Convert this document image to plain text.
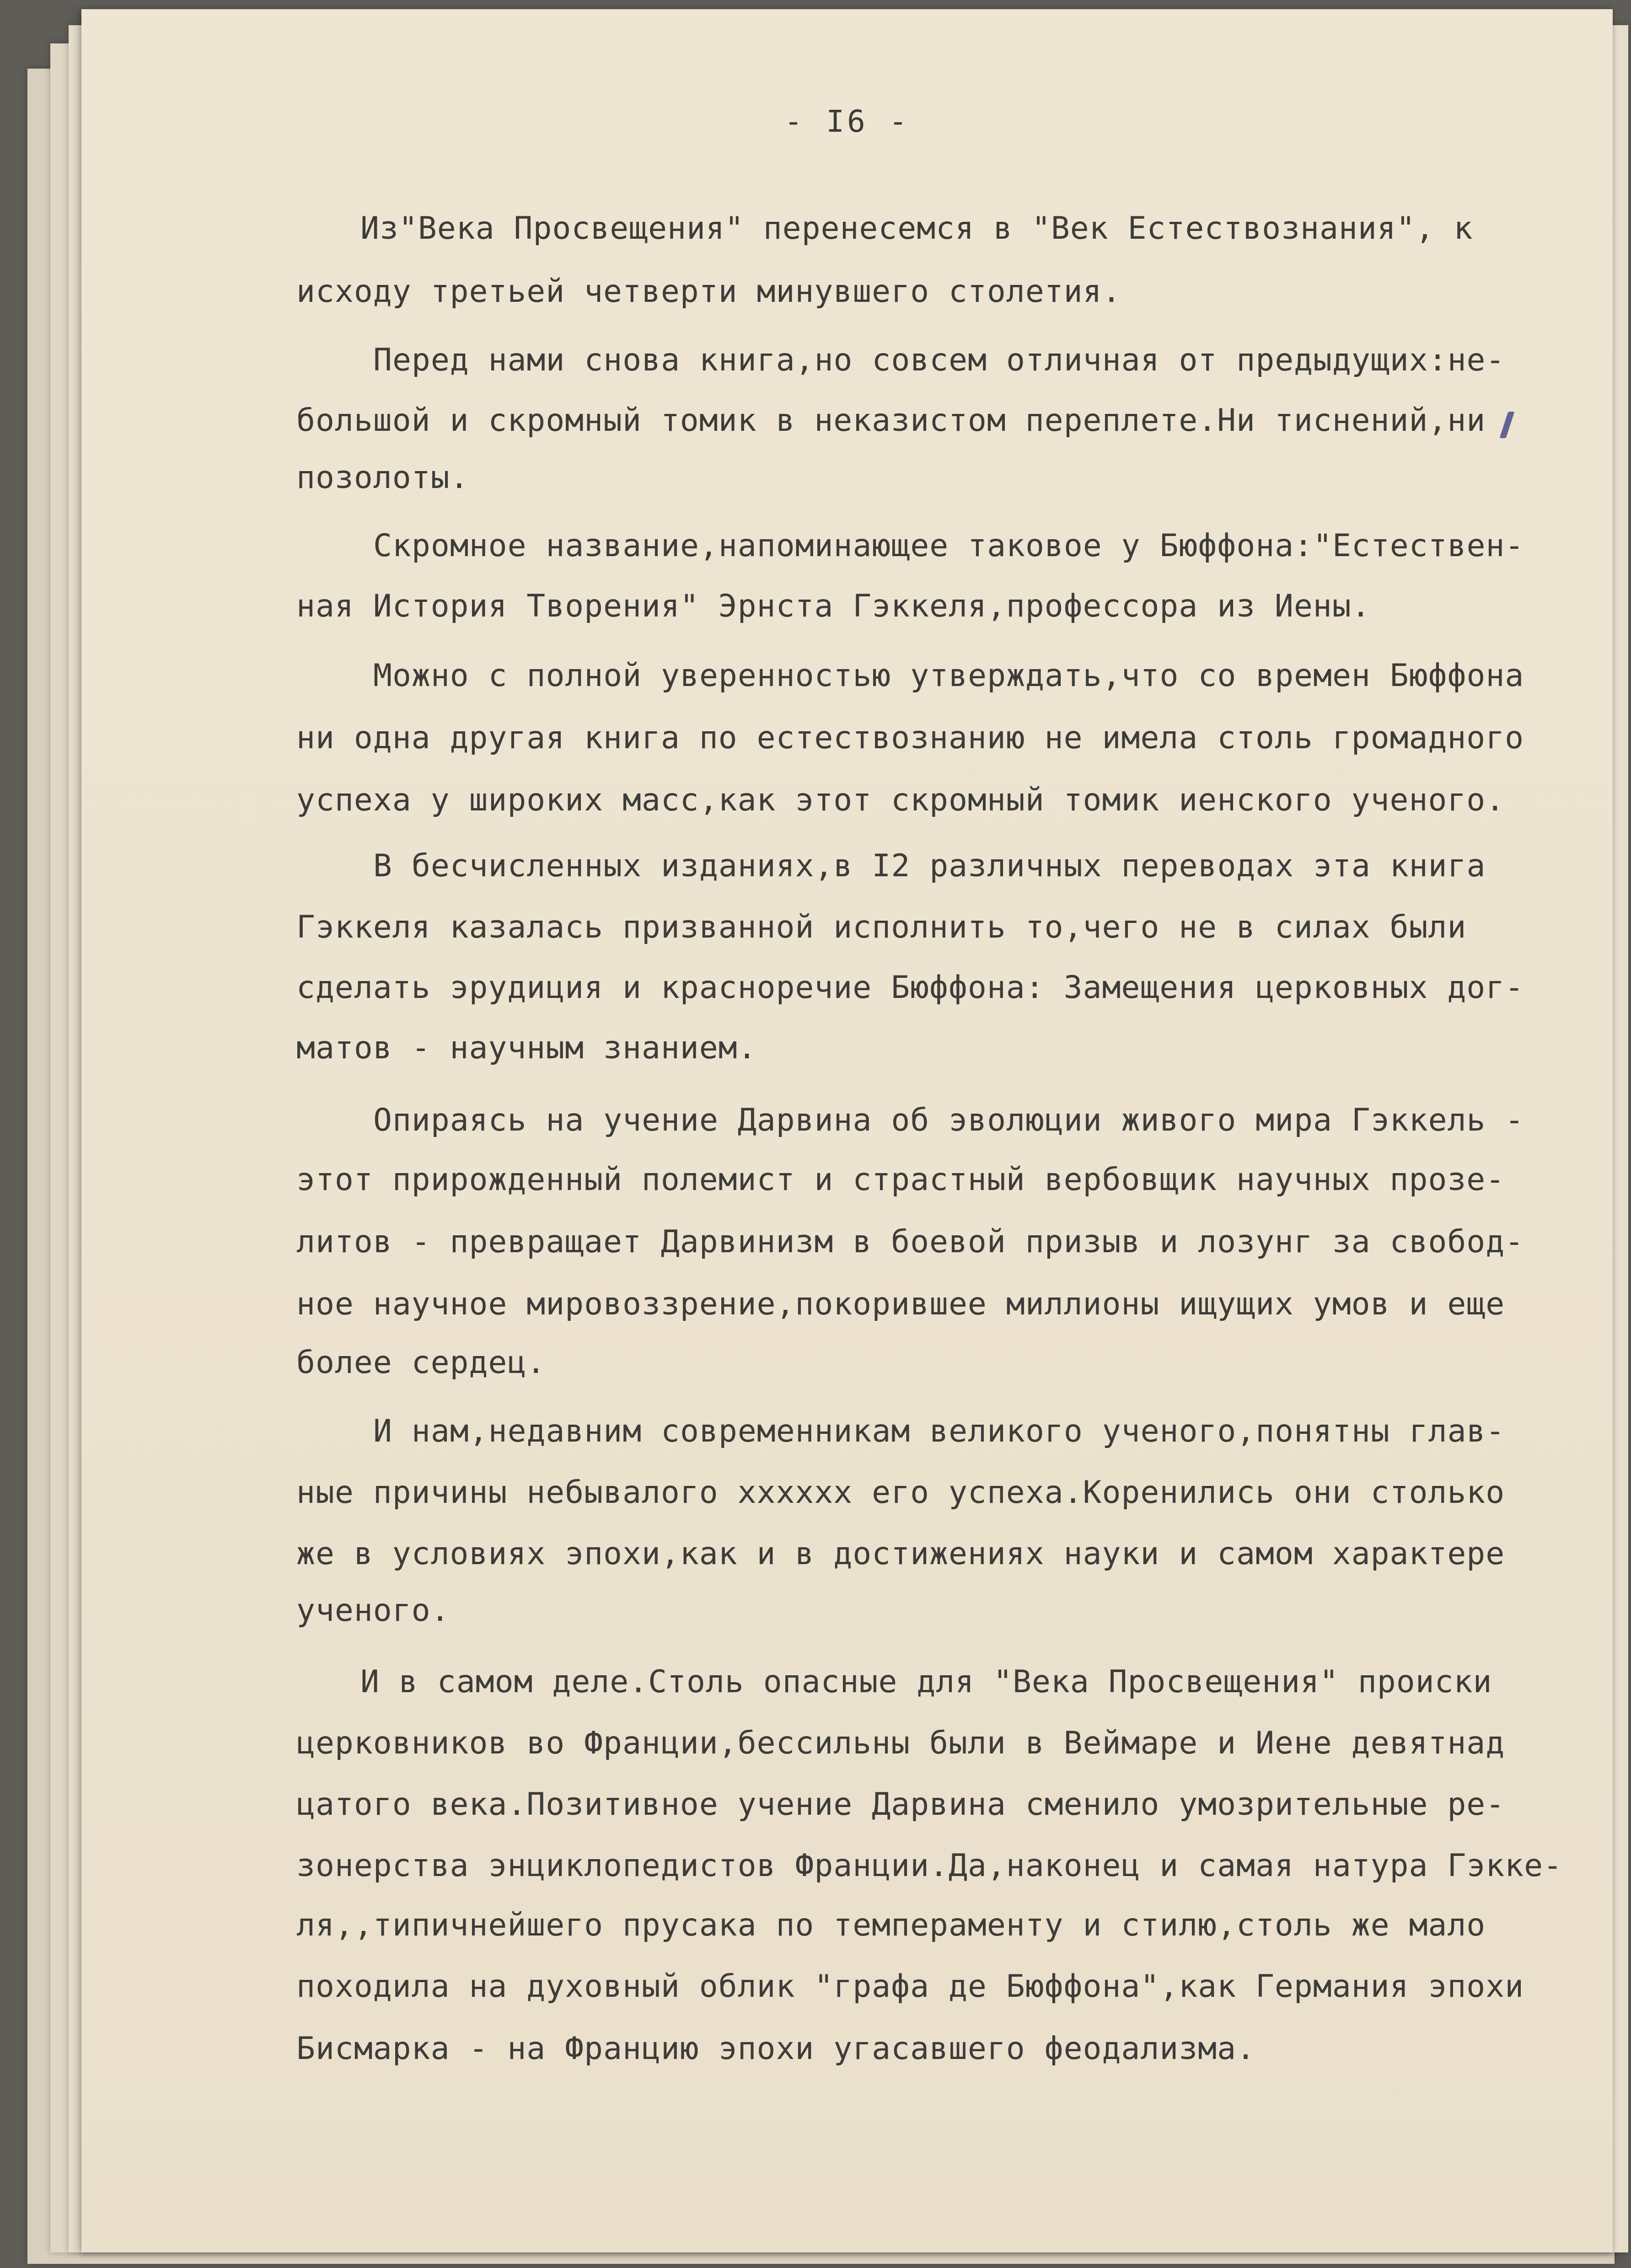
- I6 -
Из"Века Просвещения" перенесемся в "Век Естествознания", к
исходу третьей четверти минувшего столетия.
Перед нами снова книга,но совсем отличная от предыдущих:не-
большой и скромный томик в неказистом переплете.Ни тиснений,ни
позолоты.
Скромное название,напоминающее таковое у Бюффона:"Естествен-
ная История Творения" Эрнста Гэккеля,профессора из Иены.
Можно с полной уверенностью утверждать,что со времен Бюффона
ни одна другая книга по естествознанию не имела столь громадного
успеха у широких масс,как этот скромный томик иенского ученого.
В бесчисленных изданиях,в I2 различных переводах эта книга
Гэккеля казалась призванной исполнить то,чего не в силах были
сделать эрудиция и красноречие Бюффона: Замещения церковных дог-
матов - научным знанием.
Опираясь на учение Дарвина об эволюции живого мира Гэккель -
этот прирожденный полемист и страстный вербовщик научных прозе-
литов - превращает Дарвинизм в боевой призыв и лозунг за свобод-
ное научное мировоззрение,покорившее миллионы ищущих умов и еще
более сердец.
И нам,недавним современникам великого ученого,понятны глав-
ные причины небывалого xxxxxx его успеха.Коренились они столько
же в условиях эпохи,как и в достижениях науки и самом характере
ученого.
И в самом деле.Столь опасные для "Века Просвещения" происки
церковников во Франции,бессильны были в Веймаре и Иене девятнад
цатого века.Позитивное учение Дарвина сменило умозрительные ре-
зонерства энциклопедистов Франции.Да,наконец и самая натура Гэкке-
ля,,типичнейшего прусака по темпераменту и стилю,столь же мало
походила на духовный облик "графа де Бюффона",как Германия эпохи
Бисмарка - на Францию эпохи угасавшего феодализма.
